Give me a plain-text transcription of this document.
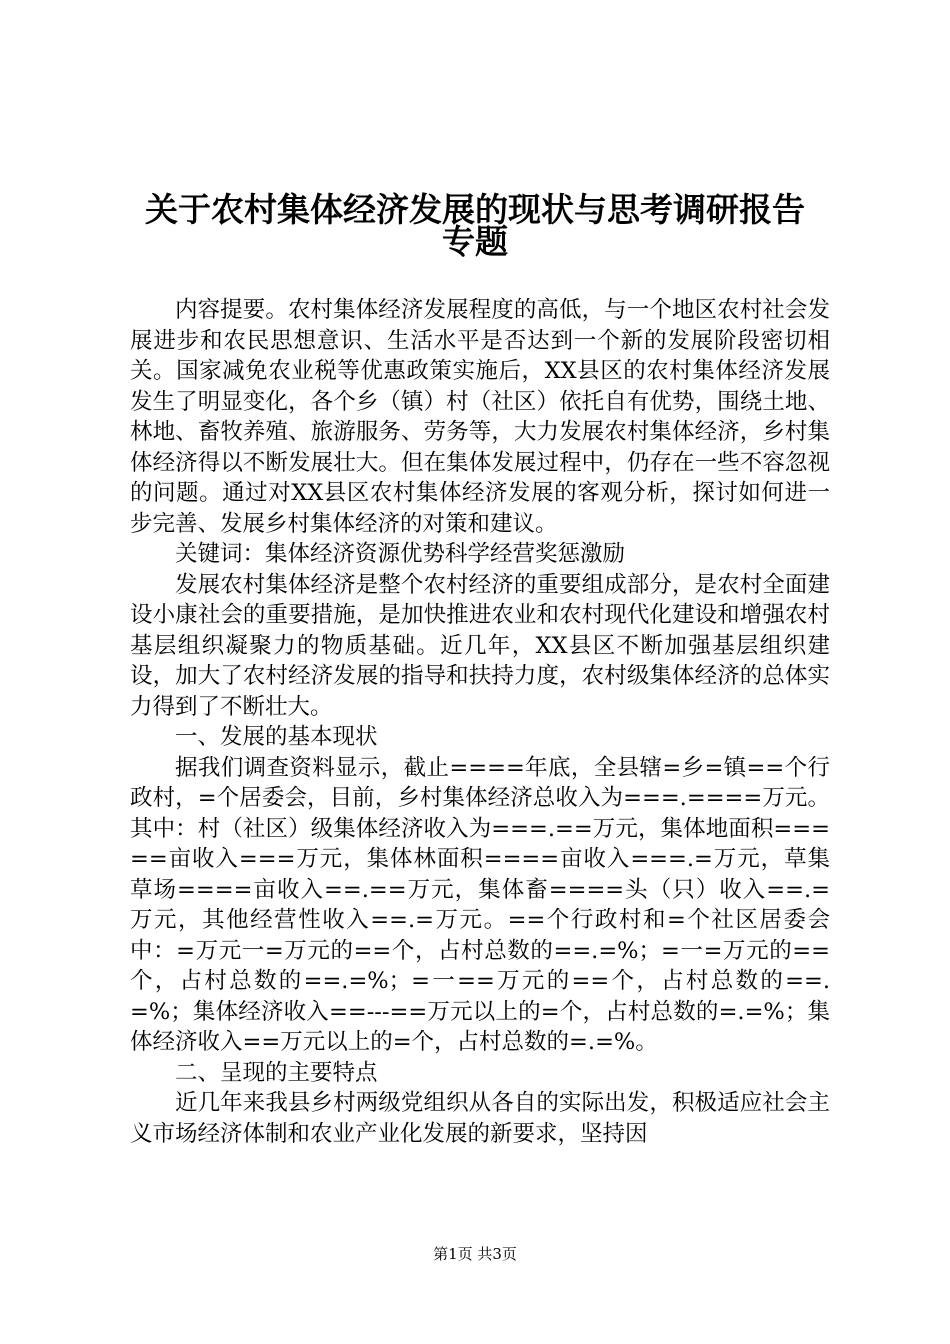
关于农村集体经济发展的现状与思考调研报告
专题

内容提要。农村集体经济发展程度的高低，与一个地区农村社会发展进步和农民思想意识、生活水平是否达到一个新的发展阶段密切相关。国家减免农业税等优惠政策实施后，XX县区的农村集体经济发展发生了明显变化，各个乡（镇）村（社区）依托自有优势，围绕土地、林地、畜牧养殖、旅游服务、劳务等，大力发展农村集体经济，乡村集体经济得以不断发展壮大。但在集体发展过程中，仍存在一些不容忽视的问题。通过对XX县区农村集体经济发展的客观分析，探讨如何进一步完善、发展乡村集体经济的对策和建议。

关键词：集体经济资源优势科学经营奖惩激励

发展农村集体经济是整个农村经济的重要组成部分，是农村全面建设小康社会的重要措施，是加快推进农业和农村现代化建设和增强农村基层组织凝聚力的物质基础。近几年，XX县区不断加强基层组织建设，加大了农村经济发展的指导和扶持力度，农村级集体经济的总体实力得到了不断壮大。

一、发展的基本现状

据我们调查资料显示，截止====年底，全县辖=乡=镇==个行政村，=个居委会，目前，乡村集体经济总收入为===.====万元。其中：村（社区）级集体经济收入为===.==万元，集体地面积=====亩收入===万元，集体林面积====亩收入===.=万元，草集草场====亩收入==.==万元，集体畜====头（只）收入==.=万元，其他经营性收入==.=万元。==个行政村和=个社区居委会中：=万元一=万元的==个，占村总数的==.=%；=一=万元的==个，占村总数的==.=%；=一==万元的==个，占村总数的==.=%；集体经济收入==---==万元以上的=个，占村总数的=.=%；集体经济收入==万元以上的=个，占村总数的=.=%。

二、呈现的主要特点

近几年来我县乡村两级党组织从各自的实际出发，积极适应社会主义市场经济体制和农业产业化发展的新要求，坚持因

第1页 共3页
